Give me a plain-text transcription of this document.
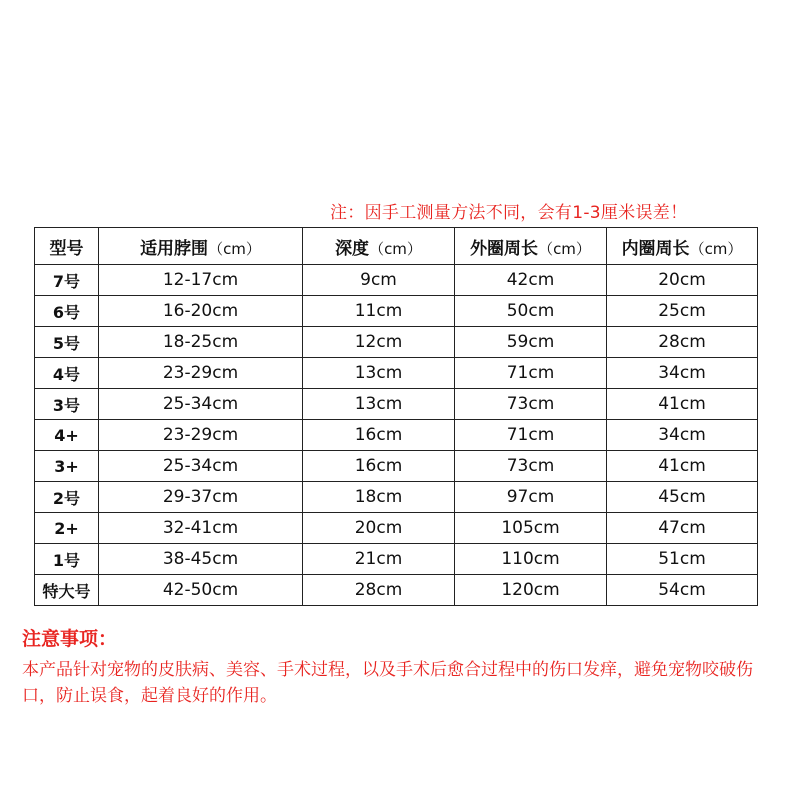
注：因手工测量方法不同，会有1-3厘米误差！
型号	适用脖围（cm）	深度（cm）	外圈周长（cm）	内圈周长（cm）
7号	12-17cm	9cm	42cm	20cm
6号	16-20cm	11cm	50cm	25cm
5号	18-25cm	12cm	59cm	28cm
4号	23-29cm	13cm	71cm	34cm
3号	25-34cm	13cm	73cm	41cm
4+	23-29cm	16cm	71cm	34cm
3+	25-34cm	16cm	73cm	41cm
2号	29-37cm	18cm	97cm	45cm
2+	32-41cm	20cm	105cm	47cm
1号	38-45cm	21cm	110cm	51cm
特大号	42-50cm	28cm	120cm	54cm
注意事项：
本产品针对宠物的皮肤病、美容、手术过程，以及手术后愈合过程中的伤口发痒，避免宠物咬破伤口，防止误食，起着良好的作用。
